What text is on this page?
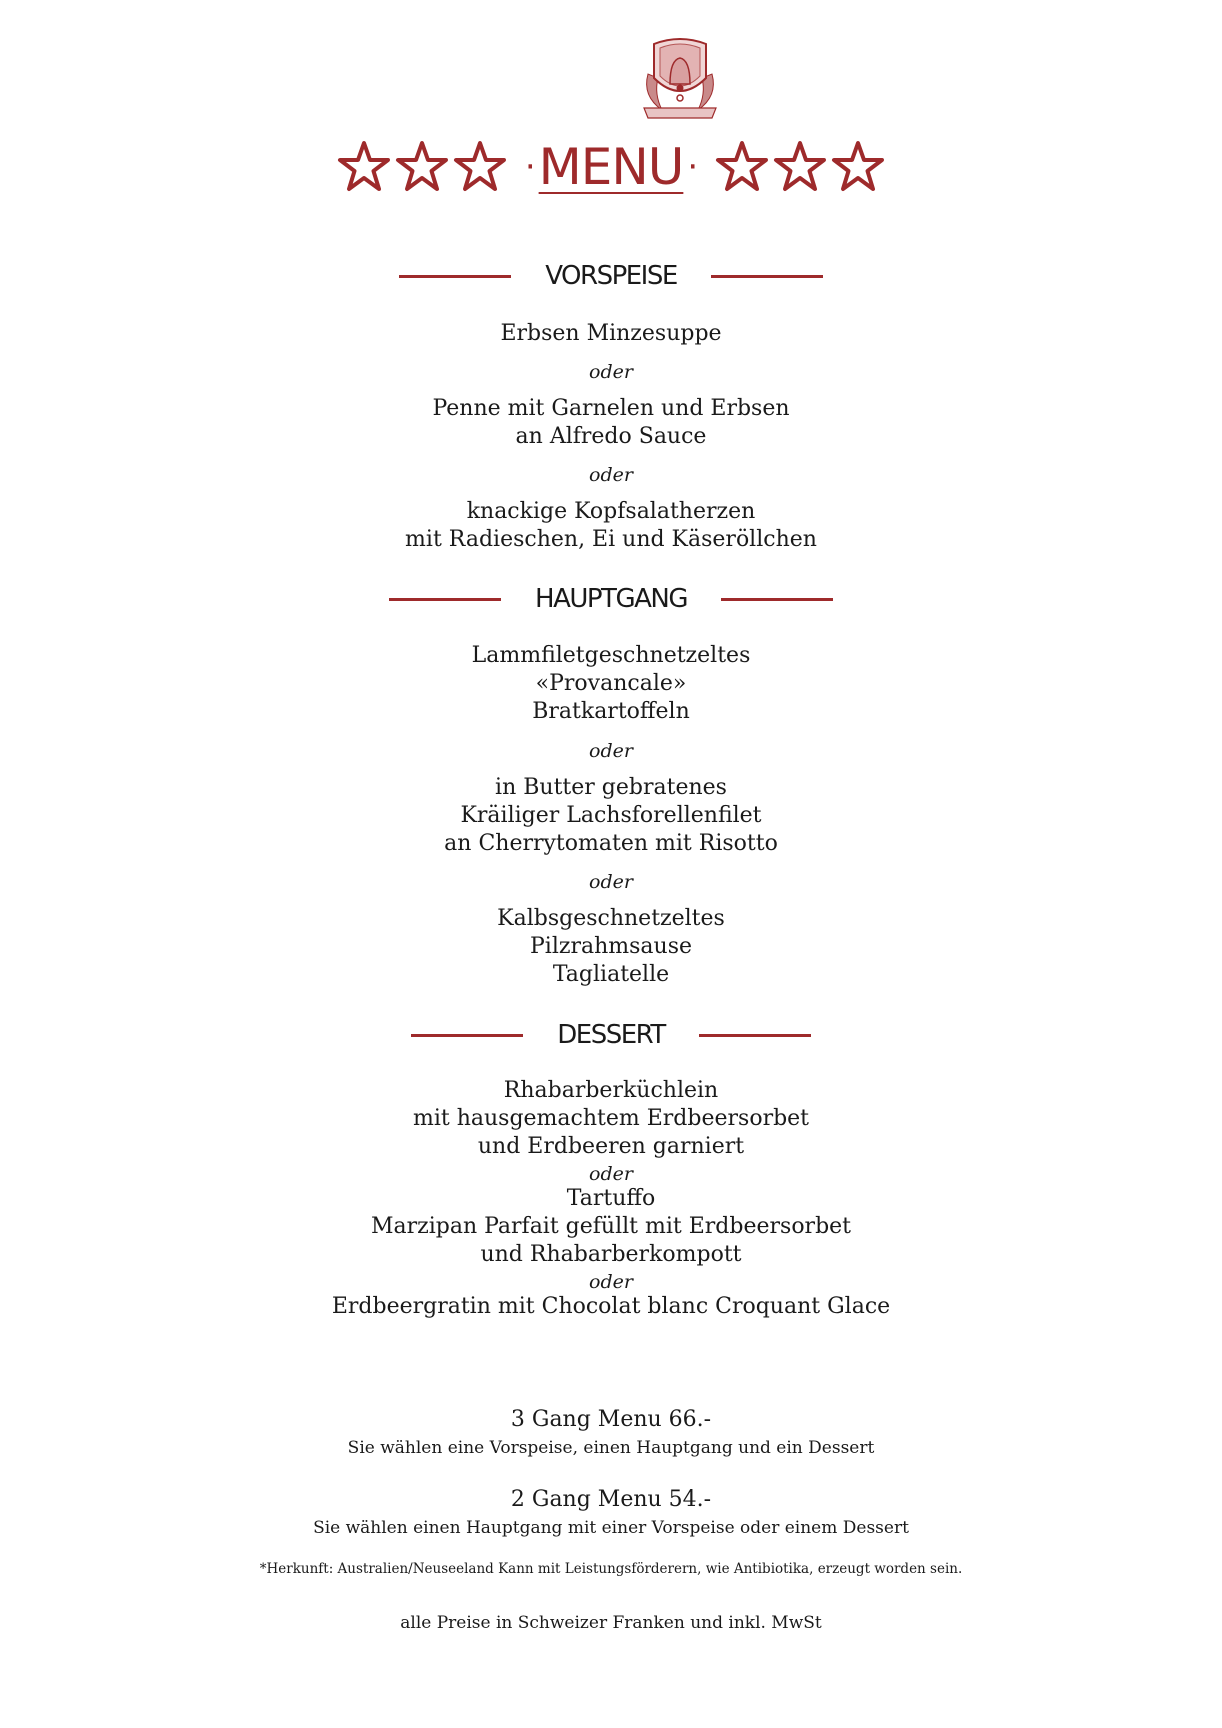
· MENU ·
VORSPEISE
Erbsen Minzesuppe
oder
Penne mit Garnelen und Erbsen
an Alfredo Sauce
oder
knackige Kopfsalatherzen
mit Radieschen, Ei und Käseröllchen
HAUPTGANG
Lammfiletgeschnetzeltes
«Provancale»
Bratkartoffeln
oder
in Butter gebratenes
Kräiliger Lachsforellenfilet
an Cherrytomaten mit Risotto
oder
Kalbsgeschnetzeltes
Pilzrahmsause
Tagliatelle
DESSERT
Rhabarberküchlein
mit hausgemachtem Erdbeersorbet
und Erdbeeren garniert
oder
Tartuffo
Marzipan Parfait gefüllt mit Erdbeersorbet
und Rhabarberkompott
oder
Erdbeergratin mit Chocolat blanc Croquant Glace
3 Gang Menu 66.-
Sie wählen eine Vorspeise, einen Hauptgang und ein Dessert
2 Gang Menu 54.-
Sie wählen einen Hauptgang mit einer Vorspeise oder einem Dessert
*Herkunft: Australien/Neuseeland Kann mit Leistungsförderern, wie Antibiotika, erzeugt worden sein.
alle Preise in Schweizer Franken und inkl. MwSt
